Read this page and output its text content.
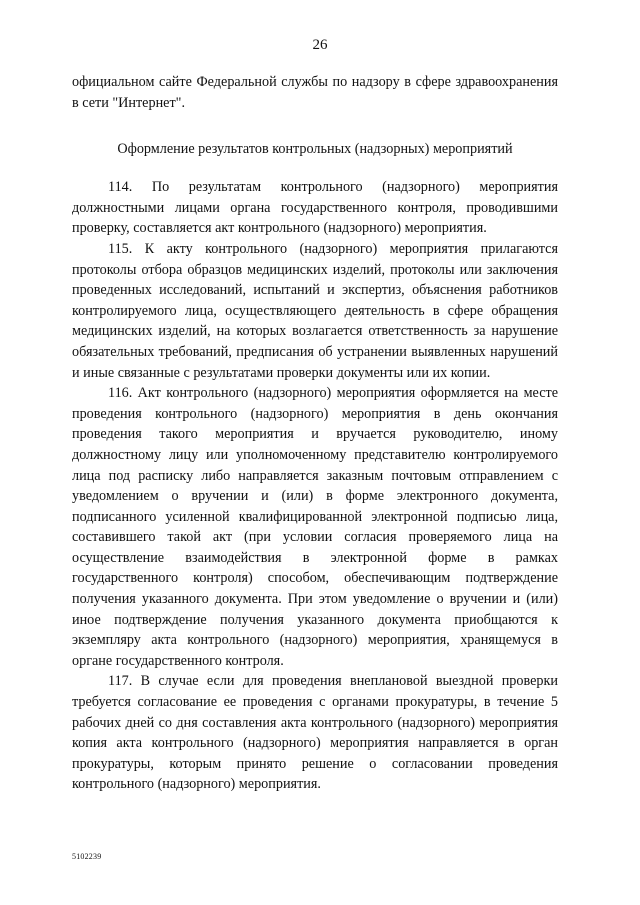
26

официальном сайте Федеральной службы по надзору в сфере здравоохранения в сети "Интернет".

Оформление результатов контрольных (надзорных) мероприятий

114. По результатам контрольного (надзорного) мероприятия должностными лицами органа государственного контроля, проводившими проверку, составляется акт контрольного (надзорного) мероприятия.

115. К акту контрольного (надзорного) мероприятия прилагаются протоколы отбора образцов медицинских изделий, протоколы или заключения проведенных исследований, испытаний и экспертиз, объяснения работников контролируемого лица, осуществляющего деятельность в сфере обращения медицинских изделий, на которых возлагается ответственность за нарушение обязательных требований, предписания об устранении выявленных нарушений и иные связанные с результатами проверки документы или их копии.

116. Акт контрольного (надзорного) мероприятия оформляется на месте проведения контрольного (надзорного) мероприятия в день окончания проведения такого мероприятия и вручается руководителю, иному должностному лицу или уполномоченному представителю контролируемого лица под расписку либо направляется заказным почтовым отправлением с уведомлением о вручении и (или) в форме электронного документа, подписанного усиленной квалифицированной электронной подписью лица, составившего такой акт (при условии согласия проверяемого лица на осуществление взаимодействия в электронной форме в рамках государственного контроля) способом, обеспечивающим подтверждение получения указанного документа. При этом уведомление о вручении и (или) иное подтверждение получения указанного документа приобщаются к экземпляру акта контрольного (надзорного) мероприятия, хранящемуся в органе государственного контроля.

117. В случае если для проведения внеплановой выездной проверки требуется согласование ее проведения с органами прокуратуры, в течение 5 рабочих дней со дня составления акта контрольного (надзорного) мероприятия копия акта контрольного (надзорного) мероприятия направляется в орган прокуратуры, которым принято решение о согласовании проведения контрольного (надзорного) мероприятия.

5102239
